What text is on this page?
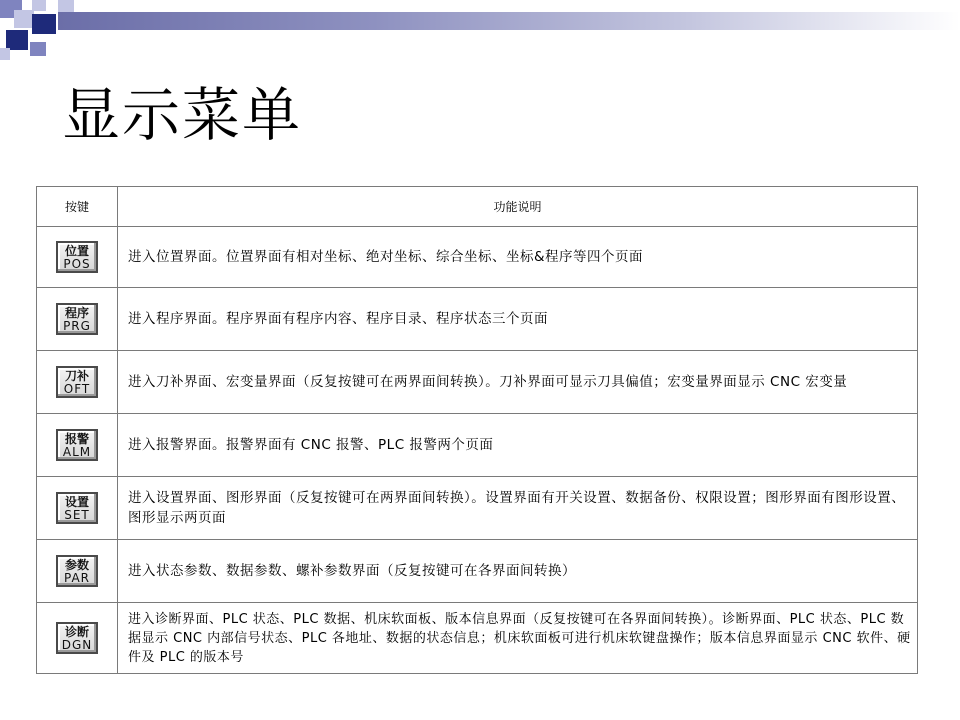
显示菜单
按键	功能说明

位置
POS	进入位置界面。位置界面有相对坐标、绝对坐标、综合坐标、坐标&程序等四个页面

程序
PRG	进入程序界面。程序界面有程序内容、程序目录、程序状态三个页面

刀补
OFT	进入刀补界面、宏变量界面（反复按键可在两界面间转换）。刀补界面可显示刀具偏值；宏变量界面显示 CNC 宏变量

报警
ALM	进入报警界面。报警界面有 CNC 报警、PLC 报警两个页面

设置
SET	进入设置界面、图形界面（反复按键可在两界面间转换）。设置界面有开关设置、数据备份、权限设置；图形界面有图形设置、图形显示两页面

参数
PAR	进入状态参数、数据参数、螺补参数界面（反复按键可在各界面间转换）

诊断
DGN	进入诊断界面、PLC 状态、PLC 数据、机床软面板、版本信息界面（反复按键可在各界面间转换）。诊断界面、PLC 状态、PLC 数据显示 CNC 内部信号状态、PLC 各地址、数据的状态信息；机床软面板可进行机床软键盘操作；版本信息界面显示 CNC 软件、硬件及 PLC 的版本号
